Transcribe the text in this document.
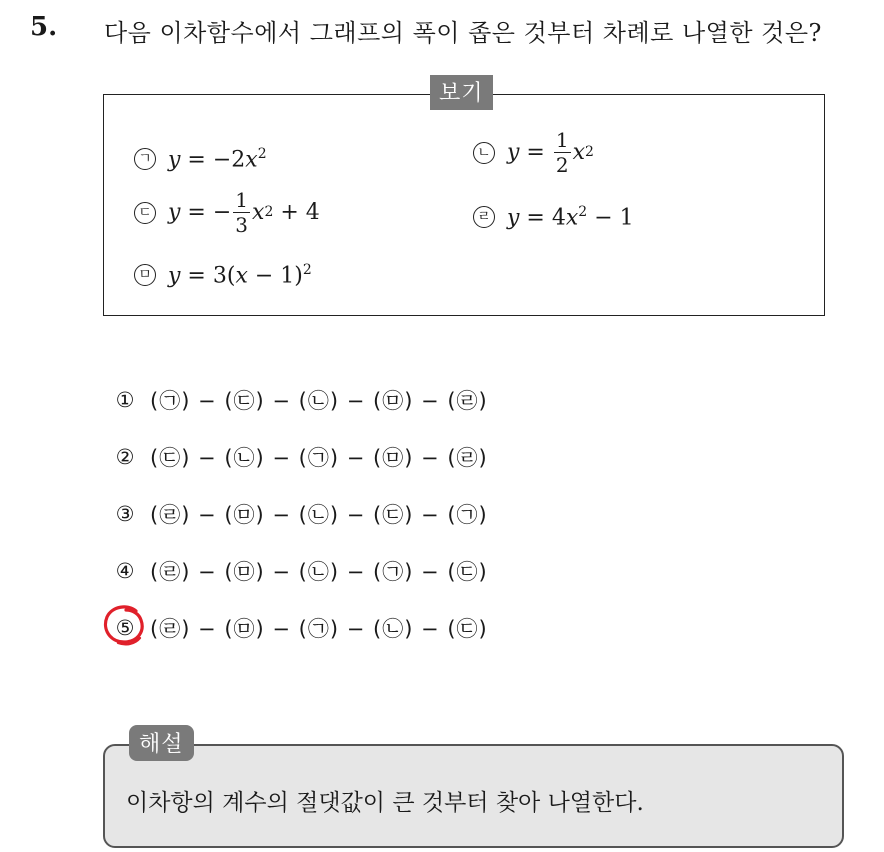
5. 다음 이차함수에서 그래프의 폭이 좁은 것부터 차례로 나열한 것은?
보기
ㄱ $y = -2x^2$	ㄴ $y = \frac{1}{2}$ x 2
ㄷ y = − $\frac{1}{3}$ x 2 + 4	ㄹ $y = 4x^2 - 1$
ㅁ $y = 3(x - 1)^2$
① (㉠) − (㉢) − (㉡) − (㉤) − (㉣)
② (㉢) − (㉡) − (㉠) − (㉤) − (㉣)
③ (㉣) − (㉤) − (㉡) − (㉢) − (㉠)
④ (㉣) − (㉤) − (㉡) − (㉠) − (㉢)
⑤ (㉣) − (㉤) − (㉠) − (㉡) − (㉢)
해설
이차항의 계수의 절댓값이 큰 것부터 찾아 나열한다.
